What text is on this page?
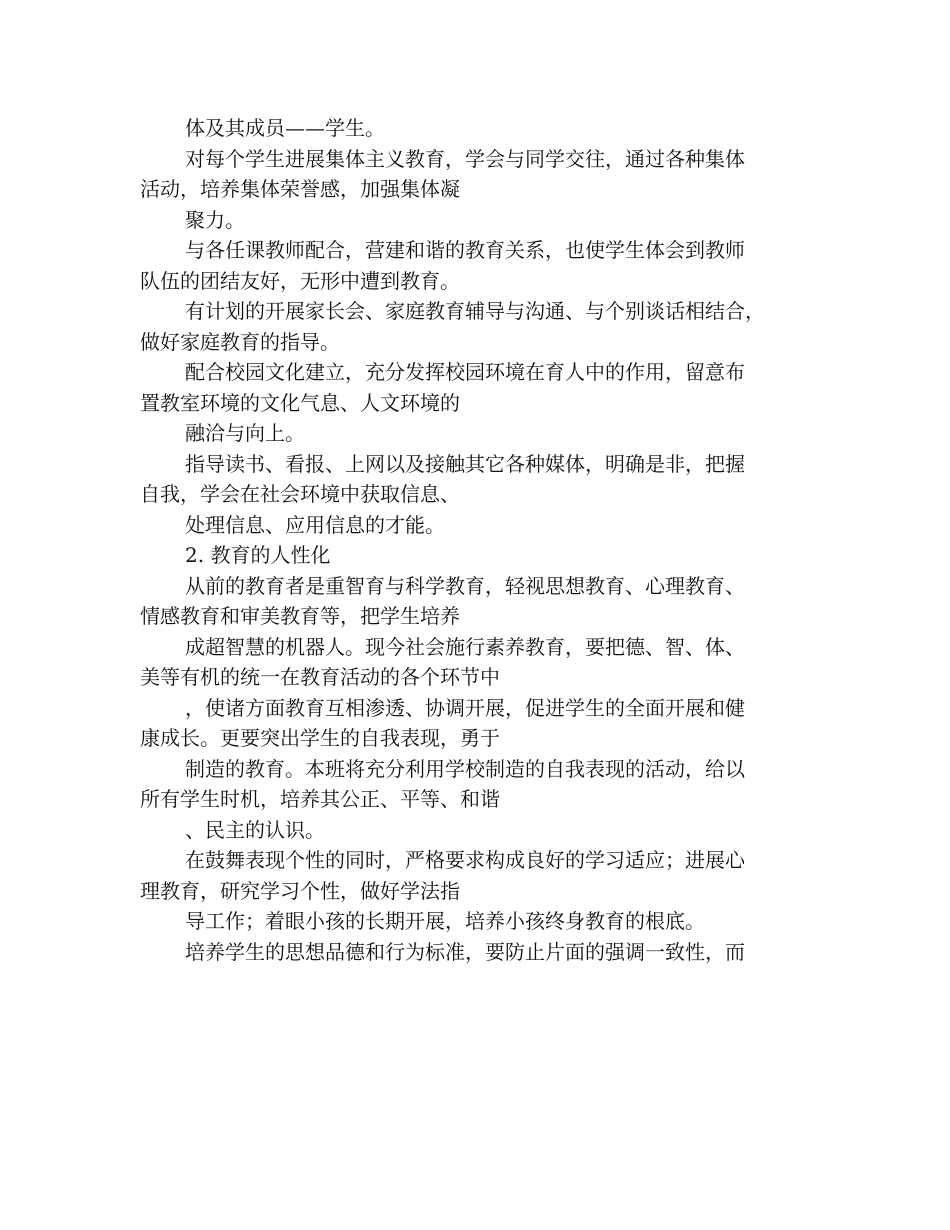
体及其成员——学生。
对每个学生进展集体主义教育，学会与同学交往，通过各种集体
活动，培养集体荣誉感，加强集体凝
聚力。
与各任课教师配合，营建和谐的教育关系，也使学生体会到教师
队伍的团结友好，无形中遭到教育。
有计划的开展家长会、家庭教育辅导与沟通、与个别谈话相结合，
做好家庭教育的指导。
配合校园文化建立，充分发挥校园环境在育人中的作用，留意布
置教室环境的文化气息、人文环境的
融洽与向上。
指导读书、看报、上网以及接触其它各种媒体，明确是非，把握
自我，学会在社会环境中获取信息、
处理信息、应用信息的才能。
2. 教育的人性化
从前的教育者是重智育与科学教育，轻视思想教育、心理教育、
情感教育和审美教育等，把学生培养
成超智慧的机器人。现今社会施行素养教育，要把德、智、体、
美等有机的统一在教育活动的各个环节中
，使诸方面教育互相渗透、协调开展，促进学生的全面开展和健
康成长。更要突出学生的自我表现，勇于
制造的教育。本班将充分利用学校制造的自我表现的活动，给以
所有学生时机，培养其公正、平等、和谐
、民主的认识。
在鼓舞表现个性的同时，严格要求构成良好的学习适应；进展心
理教育，研究学习个性，做好学法指
导工作；着眼小孩的长期开展，培养小孩终身教育的根底。
培养学生的思想品德和行为标准，要防止片面的强调一致性，而
